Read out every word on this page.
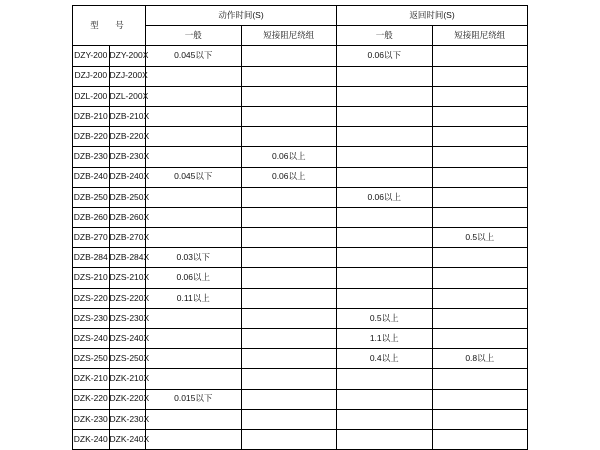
型　号		动作时间(S)		返回时间(S)	
		一般	短接阻尼绕组	一般	短接阻尼绕组
DZY-200	DZY-200X	0.045以下		0.06以下	
DZJ-200	DZJ-200X				
DZL-200	DZL-200X				
DZB-210	DZB-210X				
DZB-220	DZB-220X				
DZB-230	DZB-230X		0.06以上		
DZB-240	DZB-240X	0.045以下	0.06以上		
DZB-250	DZB-250X			0.06以上	
DZB-260	DZB-260X				
DZB-270	DZB-270X				0.5以上
DZB-284	DZB-284X	0.03以下			
DZS-210	DZS-210X	0.06以上			
DZS-220	DZS-220X	0.11以上			
DZS-230	DZS-230X			0.5以上	
DZS-240	DZS-240X			1.1以上	
DZS-250	DZS-250X			0.4以上	0.8以上
DZK-210	DZK-210X				
DZK-220	DZK-220X	0.015以下			
DZK-230	DZK-230X				
DZK-240	DZK-240X				
